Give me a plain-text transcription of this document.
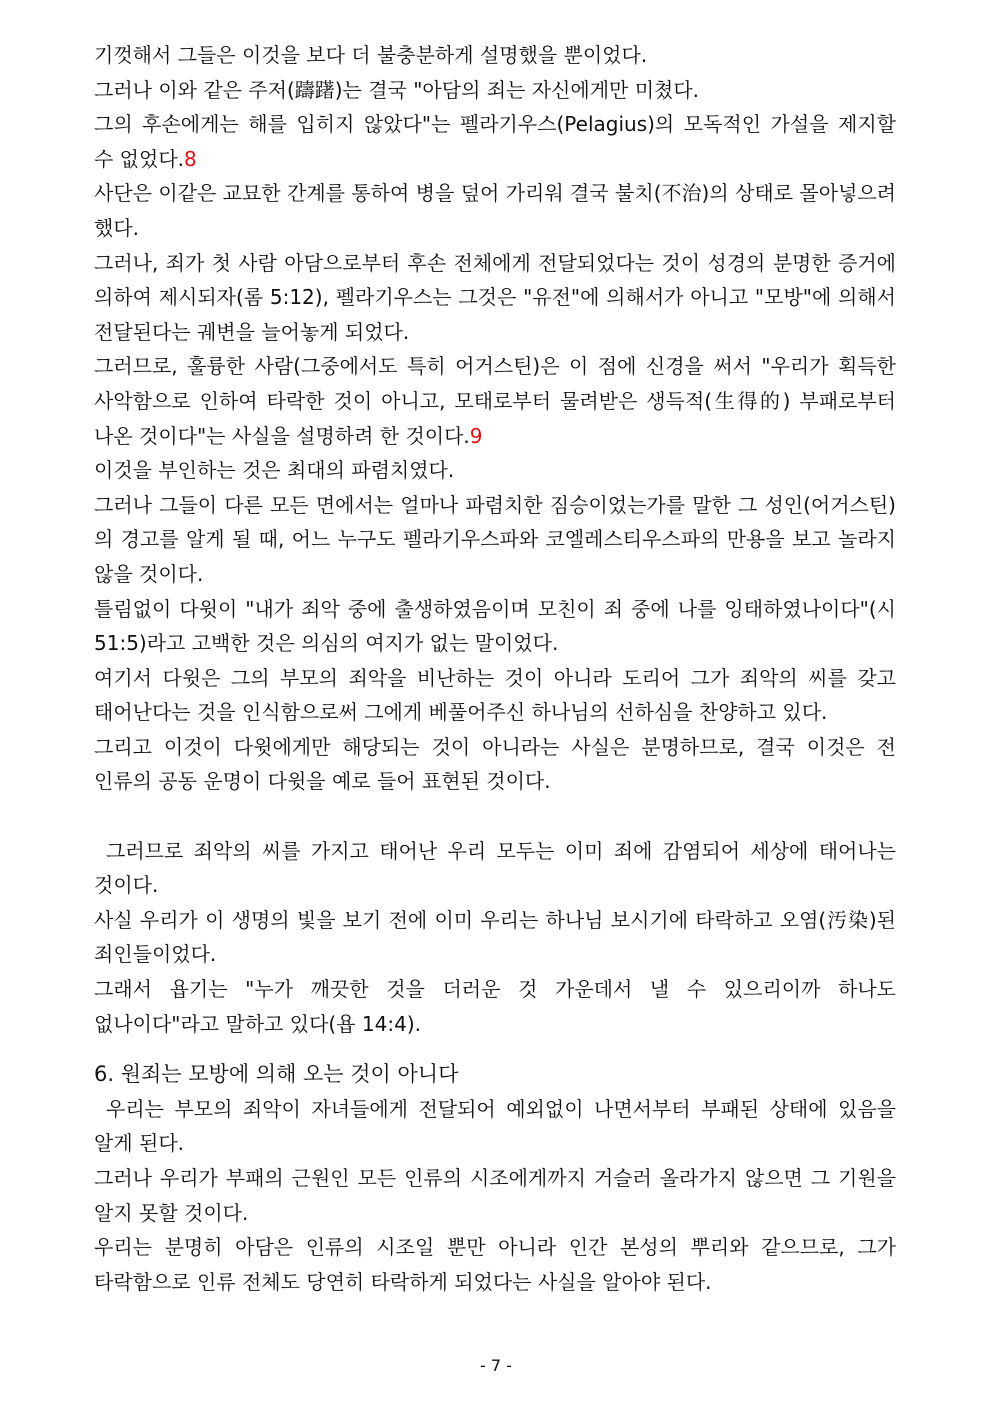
기껏해서 그들은 이것을 보다 더 불충분하게 설명했을 뿐이었다.

그러나 이와 같은 주저(躊躇)는 결국 "아담의 죄는 자신에게만 미쳤다.

그의 후손에게는 해를 입히지 않았다"는 펠라기우스(Pelagius)의 모독적인 가설을 제지할 수 없었다.8

사단은 이같은 교묘한 간계를 통하여 병을 덮어 가리워 결국 불치(不治)의 상태로 몰아넣으려 했다.

그러나, 죄가 첫 사람 아담으로부터 후손 전체에게 전달되었다는 것이 성경의 분명한 증거에 의하여 제시되자(롬 5:12), 펠라기우스는 그것은 "유전"에 의해서가 아니고 "모방"에 의해서 전달된다는 궤변을 늘어놓게 되었다.

그러므로, 훌륭한 사람(그중에서도 특히 어거스틴)은 이 점에 신경을 써서 "우리가 획득한 사악함으로 인하여 타락한 것이 아니고, 모태로부터 물려받은 생득적(生得的) 부패로부터 나온 것이다"는 사실을 설명하려 한 것이다.9

이것을 부인하는 것은 최대의 파렴치였다.

그러나 그들이 다른 모든 면에서는 얼마나 파렴치한 짐승이었는가를 말한 그 성인(어거스틴)의 경고를 알게 될 때, 어느 누구도 펠라기우스파와 코엘레스티우스파의 만용을 보고 놀라지 않을 것이다.

틀림없이 다윗이 "내가 죄악 중에 출생하였음이며 모친이 죄 중에 나를 잉태하였나이다"(시 51:5)라고 고백한 것은 의심의 여지가 없는 말이었다.

여기서 다윗은 그의 부모의 죄악을 비난하는 것이 아니라 도리어 그가 죄악의 씨를 갖고 태어난다는 것을 인식함으로써 그에게 베풀어주신 하나님의 선하심을 찬양하고 있다.

그리고 이것이 다윗에게만 해당되는 것이 아니라는 사실은 분명하므로, 결국 이것은 전 인류의 공동 운명이 다윗을 예로 들어 표현된 것이다.

그러므로 죄악의 씨를 가지고 태어난 우리 모두는 이미 죄에 감염되어 세상에 태어나는 것이다.

사실 우리가 이 생명의 빛을 보기 전에 이미 우리는 하나님 보시기에 타락하고 오염(汚染)된 죄인들이었다.

그래서 욥기는 "누가 깨끗한 것을 더러운 것 가운데서 낼 수 있으리이까 하나도 없나이다"라고 말하고 있다(욥 14:4).

6. 원죄는 모방에 의해 오는 것이 아니다

우리는 부모의 죄악이 자녀들에게 전달되어 예외없이 나면서부터 부패된 상태에 있음을 알게 된다.

그러나 우리가 부패의 근원인 모든 인류의 시조에게까지 거슬러 올라가지 않으면 그 기원을 알지 못할 것이다.

우리는 분명히 아담은 인류의 시조일 뿐만 아니라 인간 본성의 뿌리와 같으므로, 그가 타락함으로 인류 전체도 당연히 타락하게 되었다는 사실을 알아야 된다.

- 7 -
